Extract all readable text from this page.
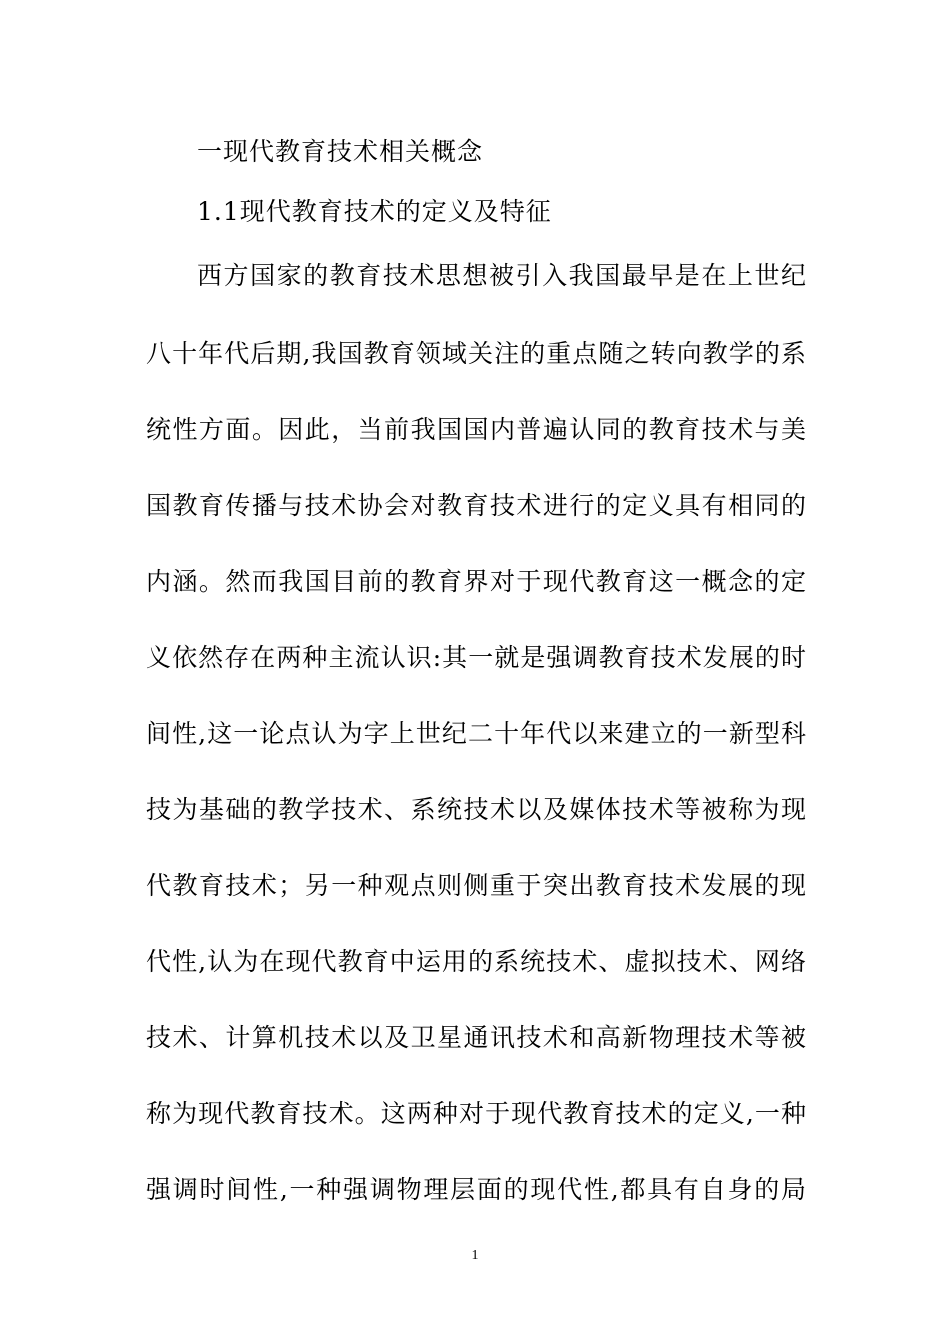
一现代教育技术相关概念
1.1现代教育技术的定义及特征
西方国家的教育技术思想被引入我国最早是在上世纪
八十年代后期,我国教育领域关注的重点随之转向教学的系
统性方面。因此，当前我国国内普遍认同的教育技术与美
国教育传播与技术协会对教育技术进行的定义具有相同的
内涵。然而我国目前的教育界对于现代教育这一概念的定
义依然存在两种主流认识:其一就是强调教育技术发展的时
间性,这一论点认为字上世纪二十年代以来建立的一新型科
技为基础的教学技术、系统技术以及媒体技术等被称为现
代教育技术；另一种观点则侧重于突出教育技术发展的现
代性,认为在现代教育中运用的系统技术、虚拟技术、网络
技术、计算机技术以及卫星通讯技术和高新物理技术等被
称为现代教育技术。这两种对于现代教育技术的定义,一种
强调时间性,一种强调物理层面的现代性,都具有自身的局
1
